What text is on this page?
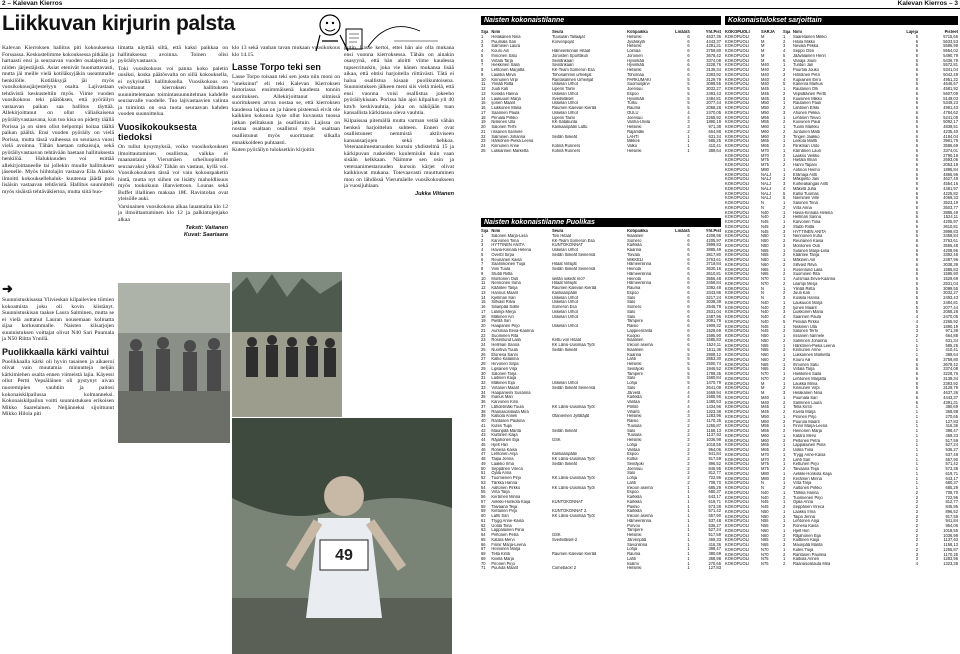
2 – Kalevan Kierros	Kalevan Kierros – 3
Liikkuvan kirjurin palsta

Kalevan Kierroksen hallitus piti kokouksensa Forssassa. Keskustelimme kokouksessa pitkään ja hartaasti ensi ja seuraavan vuoden osalajeista ja niiden järjestäjistä. Asiat etenivät huomattavasti, mutta jäi meille vielä kotiläksyjäkin useammalle henkilölle. Kotiläksyjä jäi myös vuosikokousjärjestelyyn osalta. Lajivastaan tehtävistä keskusteltiin myös. Viime vuoden vuosikokous teki päätöksen, että pyöräilyn vastaavan paikan saa hallitus täyttää. Allekirjoittanut on ollut väliaikaisena pyöräilyvastaavana, kun tuo kisa on pidetty täällä Porissa ja on siten ollut helpompi hoitaa täältä paikan päältä. Ensi vuoden pyöräily on vielä Porissa, mutta tässä vaiheessa on seuraava vuosi vielä avoinna. Tähän haetaan ratkaisuja, sekä pyöräilyvastaavan tehtävään haetaan hallituksesta henkilöä. Halukkuuden voi esittää allekirjoittaneelle tai jollekin muulle hallituksen jäsenelle. Myös hiihtolajin vastaava Eila Alanko ilmoitti kokouksellehaluk- kuutensa jäädä pois lisäisin vastaavan tehtävistä. Hallitus suunnitteli myös sisäistä tehtäväkiertoa, mutta siitä huo-

➜

Suunnistuskisassa Ylivieskan kilpailevien tiimien kokoamista joku oli kovin kiistänyt. Suunnistuskisan taakse Laura Salminen, mutta se ei vielä auttanut Lauran nousemaan kolmatta sijaa korkeammalle. Naisten kilsarjojen suunnistuksen voittajat olivat N40 Sari Puumala ja N50 Riitta Ynnilä.

Puolikkaalla kärki vaihtui

Puolikkaalla kärki oli hyvin tasainen ja aikaeroi olivat vain muutamia minuutteja neljän kärkimiehen osalta ennen viimeistä lajia. Käyessi ollut Pertti Vepsäläinen oli pystynyt aivan nuoremipien vauhtiin ja paitosi kokonaiskilpailussa kolmanneksi. Kokonaiskilpailun voitti suunnistuksen erikoisen Mikko Saarelainen. Neljänneksi sijoittunut Mikko Hilola piti

limatta näyttää siltä, että kaksi paikkaa on hallituksessa avoinna. Toinen olisi pyöräilyvastaava.

Toki vuosikokous voi panna koko paletin uusiksi, koska päätösvalta on sillä kokouksella, ei nykyisellä hallituksella. Vuosikokous on velvoittanut kierroksen hallituksen suunnittelemaan toimintasuunnitelman kahdelle seuraavalle vuodelle. Tuo lajivastaavien valinta ja toiminta on osa tuota seuraavan kahden vuoden suunnittelua.

Vuosikokouksesta tiedoksi

On tullut kysymyksiä, voiko vuosikokouksen ilmoittautumisen osallistua, vaikka ei maanantaina Vierumäen urheiluopistolle seuraavaksi ylöksi? Tähän on vastaus, kyllä voi. Vuosikokouksen tässä voi vain kokouspaketin hintä, mutta nyt siihen on lisätty maholdlisuus myös toukokuun illanviettoon. Lounas sekä Buffet illallinen maksaa 18€. Ravintolan ovat yleisölle auki.

Varsinainen vuosikokous alkaa lauantaina klo 12 ja ilmoittautuminen klo 12 ja palkintojenjako alkaa

Teksti: Vaitanen

Kuvat: Saariaara

klo 13 sekä vanhan tavan mukaan vuosikokous klo 14.15.

Lasse Torpo teki sen

Lasse Torpo toisaan teki sen josta niin moni on "uneksinut" eli teki Kalevan Kierroksen historiassa ensimmäisenä kaudesta tonnin suorituksen. Allekirjoittanut silmissä suoritukseen arvoa nostaa se, että kierroksen kaudessa lajissa on ja hänen pisteensä eivät ole kaikkien kokonsa kyse ollut kuvausta tuossa jatkan pelitakuun ja osallistuin. Lajissa on nostaa osaltaan osallistui myös osaltaan osallistunut myös suorittanut silkalla ennakkoideen puhtaasti.

Kuten pyöräilyn tuloksetkin kirjoitin

joitin, Lasse kertoi, ettei hän aio olla mukana ensi vuonna kierroksessa. Tähän on ainakin osasyynä, että hän aloitti viime kaudessa tupsecrituskin, joka vie hänen mukansa lisää aikaa, että ehtisi harjoitella riittävästi. Tätä ei halua osallistua kisaan puolikuntoisena. Suunnistuksen jälkeen meni siis vielä mielä, että ensi vuonna voisi osallistua jokeeho pyöräilykisaan. Porissa hän ajoi kilpailun yli 40 km/h keskivauhtia, joka on näköjään tuan kansallista kärkitasoa oleva vauhtia.

Kilpaissaa pitemällä mutta varman vetää vähän henkeä harjoittelun suhteen. Ennen ovat osallistuneet nemmistä aktiiviseen kansansarjojen sekä hehkoa. Veteraanimestaruuden kurssin yhdistelmä 15 ja kärkipuvan ruskeiden kuulemisiin kuin vaan sisään kelkkaan. Näimme sen osin ja veteraanimestaruuden kurssin kärjet olivat kaikkiuvat mukana. Totevaavasti muuttuminen mon on lähdössä Vierumäelle vuosikokoukseen ja vuosijuhlaan.

Jukka Viitanen

49
Naisten kokonaistilanne
Sija	Nimi	Seura	Kotipaikka	Lmäärä	Yht.Pist
1	Helakanen Nina	Tuusulan Tallaajat	Helsinki	6	4637,36
2	Puumala Sari	Korvenpojat	Jyväskylä	6	4443,37
3	Salminen Laura		Helsinki	6	4391,31
4	Kouru Aili	Hämeenlinnan Hitaat	Loimaa	6	3759,80
5	Ihmonen Satu	Joroisten Sporttikuli	Joroinen	6	3678,42
6	Virtala Tarja	Seinänkaari	Hyvinkää	6	3374,08
7	Hiekkinen Saila	Seinänkaari	Hyvinkää	6	3228,76
8	Lehtonen Marjatta	KK-Team Someron Esa	Helsinki	6	3139,34
9	Laukka Mirva	Tohosammin urheilijat	Tohomaa	6	2383,92
10	Kinnunen Virpi	Rantasalmen Urheilijat	PARKUMÄKI	5	3129,79
11	Ylinää Riitta	Uskelan Urhot	Suomusjärvi	5	3099,55
12	Juuti Kati	Liperin Taimi	Joensuu	5	3032,27
13	Koskila Hanna	Uskelan Urhot	Espoo	5	2493,43
14	Laukuuon Marja	Sveitsiläiset	Hyvinkää	5	2484,81
15	Ijonen Maarit	Uskelan Urhot	Turku	5	2077,44
16	Liukkonen Maria	Raumen Kalevan Kierää	Rauma	5	2068,28
17	Saarinen Paula	Uskelan Urhot	OULU	4	2470,05
18	Peniala Pirkko	Liperin Taimi	Joensuu	4	2265,92
19	Niskinen Ulla	KK-Satakunta	Vanha-Ulvila	3	1890,19
20	Salonen Terhi	Kankaanpään Lattu	Helsinki	3	971,38
21	rissanen hannele		Rajamäki	2	664,88
22	Salminen Johanna	Seitän Siikeät	LAHTI	1	631,34
23	Härkönen-Pieka Leena		Mikkeli	1	585,25
24	Kinnunen Anne	Kotinä Runners	Valko	1	410,41
25	Lukkarinen Marketta	Kotinä Runners	Helsinki	1	389,64
Naisten kokonaistilanne Puolikas
Sija	Nimi	Seura	Kotipaikka	Lmäärä	Yht.Pist
1	Salonen Marja-Liisa	Tosi Hitaat	Ikaalinen	6	4208,96
2	Karvonen Tiina	KK-Team Someron Esa	Somero	6	4205,97
3	HYTTINEN ANITA	KUNTOKONNAT	Karkkila	6	3999,83
4	Havia-Kinnala Helena	Uskelan Urhot	Kaarina	6	3885,49
5	Överbl Sirpa	Seitän Siikeät Seinensä	Toivala	6	3817,80
6	Reunanen Kaisa		MIKKELI	6	3763,61
7	Saarinkoinen Tuija	Hitaat Viitsijät	Hämeenlinna	6	3719,84
8	Viini Tuula	Seitän Siikeät Seinensä	Heinola	6	3630,16
9	Stubb Riitta		Hämeenlinna	6	3610,81
10	Montonen Outi	seitän siikeät nro?	Heinola	6	3556,48
11	Nennonen Iruha	Hitaat Viitsijät	Hämeenlinna	6	3458,84
12	Kääntee Tanja	Raumen Kalevan Kierää	Rauma	6	3392,48
13	Hannus Maarit	Kankaanpään	Espoo	6	3343,86
14	Kjellman Sari	Uskelan Urhot	Salo	6	3217,24
15	Silfvast Ritva	Uskelan Urhot	Salo	6	3038,39
16	Silianpää Sollle	Someron Esa	Somero	6	2546,78
17	Lilampi Merja	Uskelan Urhot	Salo	6	2531,04
18	Mäkinen Airi	Uskelan Urhot	Salo	6	2487,96
19	Pietilä Siiri		Tampere	6	2091,79
20	Haapanen Pirjo	Uskelan Urhot	Raisio	6	1909,32
21	Aursmaa Eeva-Kaarina		Lappeenranta	6	1529,69
22	Suominen Rita		Kuopio	6	1595,90
23	Rosenlund Laila	Kettu von Hitaat	Ikaalinen	6	1585,83
24	Hellman Sanna	KK Länsi-Uusimaa Työt	Inkoon asema	6	1524,11
25	Nuortiva Tuula	Seitän Siikeät	Ikaalinen	5	1511,36
26	Elonesa Sanni		Kaarina	5	2908,12
27	Kallio Katariina		Lahti	5	2853,30
28	Hirvonen Sirpa		Helsinki	5	2500,74
29	Lipsanen Virpi		Seinäjoki	5	1946,52
30	Salonen Tarja		Tampere	5	1789,35
31	Laitinen Kaija		Salo	5	1580,84
32	Mäkinen Eija	Uskelan Urhot	Lohja	5	1470,79
33	Virtanen Maarit	Seitän Siikeät Seinensä	Salo	4	2641,09
34	Haapaniemi Susanna		Järvelä	4	1669,94
35	Ihanus Mari		Karkkila	4	1585,96
36	Karvonen Kirsi		Vantaa	4	1480,53
37	Lähdetmäki Tuula	KK Länsi-Uusimaa Työt	Pöllöö	4	1434,96
38	Raanasosilauta Mira		Vihanti	4	1323,38
39	Kaltiola Anneli	Otaniemen Jyllätäjät	Helsinki	3	1283,96
40	Rantasen Pauliina		Raisio	3	1170,25
41	Kutes Tuija		Tuusula	2	1255,87
42	Maunpää Marita	Seitän Siikeät	Salo	2	1158,13
43	Kuittinen Kaija		Tuusula	2	1137,63
44	Räjahonen Eija	GSK	Helsinki	2	1036,98
45	Hjelt Hiiri		Lohja	2	1018,55
46	Ronesa Kaisa		Vantaa	2	954,06
47	Lehtonen Anja	Kankaanpään	Espoo	2	941,84
48	Taipa Jenna	KK Länsi-Uusimaa Työt	Kotka	2	917,59
49	Laakko Irma	Seitän Siikeät	Seinäjoki	2	896,52
50	Seppänen Vireca		Joensuu	2	845,95
51	Ojala Anna		Salo	2	812,77
52	Tuomienen Pirjo	KK Länsi-Uusimaa Työt	Lohja	2	722,96
53	Tärkka Hanna		Lahti	2	708,70
54	Aaltonen Pirkko	KK Länsi-Uusimaa Työt	Inkoon asema	1	685,29
55	Virta Tarja		Espoo	1	680,37
56	Kerämen Minna		Karkkila	1	643,17
57	Aekkki-Honkola Kaija	KUNTOKONNAT	Karkkila	1	619,71
58	Taivaana Teija		Paimio	1	573,38
59	Kettunen Pirjo	KUNTOKONNAT 2.	Karkkila	1	571,42
60	Lahti Sari	KK Länsi-Uusimaa Työt	Inkoon asema	1	557,90
61	Trygg Anne-Kaisa		Hämeenlinna	1	537,48
62	Uotila Tiina		Porvoo	1	536,27
63	Lappalainen Piina		Tampere	1	527,24
64	Peltonen Petra	GSK	Helsinki	1	517,59
65	Katara Mervi	Sveitsiläiset-2	Järvenpää	1	469,33
66	Finnir Marja-Leena		Savonlinna	1	416,36
67	Heinonen Marja		Lohja	1	398,47
68	Tella Kirsti	Raumen Kalevan Kierää	Rauma	1	380,69
69	Kivela Marja		Lahti	1	368,98
70	Pironen Pirjo		Iisalmi	1	270,65
71	Puurula Maarit	Comeback! 2	Helsinki	1	127,83
Kokonaistulokset sarjoittain
KOKOPUOLI	SARJA	Sija	Nimi	Lajeja	Pisteet
KOKOPUOLI	M	1	Saarelainen Mikko	6	5715,66
KOKOPUOLI	M	2	Hilola Mikko	6	5633,53
KOKOPUOLI	M	3	Nevala Pekka	6	5586,98
KOKOPUOLI	M	4	Seppo Ossi	6	5554,02
KOKOPUOLI	M	5	Jäävalainen Henri	6	5490,79
KOKOPUOLI	M	6	Vanaja Jouni	6	5436,79
KOKOPUOLI	M40	1	Tunturi Jari	6	5572,81
KOKOPUOLI	M40	2	Puurtila Jouko	6	5341,04
KOKOPUOLI	M40	3	Hilmänen Petri	6	5042,49
KOKOPUOLI	M40	4	Kupiainen Eero	6	4951,32
KOKOPUOLI	M40	5	Kanerva Markus	6	4646,67
KOKOPUOLI	M45	1	Rautanen Olli	6	4581,92
KOKOPUOLI	M45	2	Vepsäläinen Pertti	6	5607,09
KOKOPUOLI	M45	3	Kuusinen Mikko	6	5149,03
KOKOPUOLI	M50	1	Rautanen Pauli	6	5349,23
KOKOPUOLI	M50	2	Lahtinen Erkki	6	4981,43
KOKOPUOLI	M50	3	Ahonen Pekka	6	4784,62
KOKOPUOLI	M55	1	Lehtinen Teuvo	6	5241,09
KOKOPUOLI	M55	2	Koivunen Pauli	6	5092,17
KOKOPUOLI	M60	1	Tuomi Markku	6	4839,51
KOKOPUOLI	M60	2	Juntunen Matti	6	4235,40
KOKOPUOLI	M60	3	Tingen Jaakko	6	4184,04
KOKOPUOLI	M65	1	Leikola Martti	6	3981,79
KOKOPUOLI	M65	2	Flinkman Unto	6	3586,69
KOKOPUOLI	M70	1	Kärnänen Lauri	6	3374,01
KOKOPUOLI	M70	2	Laakso Veikko	6	2790,19
KOKOPUOLI	M75	1	Hietala Ilmari	6	2693,06
KOKOPUOLI	M75	2	Hanni Tapani	6	2063,19
KOKOPUOLI	M80	1	Antinon Heimo	6	1895,84
KOKOPUOLI	NALJ	1	Erämaja Antti	6	4865,96
KOKOPUOLI	NALJ	2	Mäkipelto Jani	6	4627,49
KOKOPUOLI	NALJ	3	Korkeakangas Antti	6	4554,16
KOKOPUOLI	NALJ	4	Mäkelä Juha	6	4481,97
KOKOPUOLI	NALJ	5	Kallio Tuomas	6	4225,82
KOKOPUOLI	NALJ	6	Nieminen Ville	6	4069,33
KOKOPUOLI	N	1	Salonen Tiina	6	3523,19
KOKOPUOLI	N	2	Virta Anna	6	3503,77
KOKOPUOLI	N40	1	Havia-Kinnala Helena	6	3885,49
KOKOPUOLI	N40	2	Hellman Sanna	6	1524,11
KOKOPUOLI	N45	1	Karvonen Tiina	6	4205,97
KOKOPUOLI	N45	2	Stubb Riitta	6	3610,81
KOKOPUOLI	N45	3	HYTTINEN ANITA	6	3999,83
KOKOPUOLI	N50	1	Nennonen Iruha	6	3458,84
KOKOPUOLI	N50	2	Reunanen Kaisa	6	3763,61
KOKOPUOLI	N50	3	Montonen Outi	6	3556,48
KOKOPUOLI	N55	1	Sulanen Marja-Liisa	6	4208,96
KOKOPUOLI	N55	2	Kääntee Tanja	6	3392,48
KOKOPUOLI	N60	1	Mäkinen Airi	6	2487,96
KOKOPUOLI	N60	2	Silfvast Ritva	6	3038,39
KOKOPUOLI	N65	1	Rosenlund Laila	6	1585,83
KOKOPUOLI	N65	2	Suominen Rita	6	1595,90
KOKOPUOLI	N70	1	Aursmaa Eeva-Kaarina	6	1529,69
KOKOPUOLI	N70	2	Lilampi Merja	6	2531,04
KOKOPUOLI	N	1	Ylinää Riitta	5	3099,55
KOKOPUOLI	N	2	Juuti Kati	5	3032,27
KOKOPUOLI	N	3	Koskila Hanna	5	2493,43
KOKOPUOLI	N40	1	Laukuuon Marja	5	2484,81
KOKOPUOLI	N40	2	Ijonen Maarit	5	2077,44
KOKOPUOLI	N40	3	Liukkonen Maria	5	2068,28
KOKOPUOLI	N40	4	Saarinen Paula	4	2470,05
KOKOPUOLI	N40	5	Peniala Pirkko	4	2265,92
KOKOPUOLI	N45	1	Niskinen Ulla	3	1890,19
KOKOPUOLI	N45	2	Salonen Terhi	3	971,38
KOKOPUOLI	N50	1	rissanen hannele	2	664,88
KOKOPUOLI	N50	2	Salminen Johanna	1	631,34
KOKOPUOLI	N55	1	Härkönen-Pieka Leena	1	585,25
KOKOPUOLI	N55	2	Kinnunen Anne	1	410,41
KOKOPUOLI	N60	1	Lukkarinen Marketta	1	389,64
KOKOPUOLI	N60	2	Kouru Aili	6	3759,80
KOKOPUOLI	N65	1	Ihmonen Satu	6	3678,42
KOKOPUOLI	N65	2	Virtala Tarja	6	3374,08
KOKOPUOLI	N70	1	Hiekkinen Saila	6	3228,76
KOKOPUOLI	N70	2	Lehtonen Marjatta	6	3139,34
KOKOPUOLI	M	1	Laukka Mirva	6	2383,92
KOKOPUOLI	M	2	Kinnunen Virpi	5	3129,79
KOKOPUOLI	M	3	Helakanen Nina	6	4637,36
KOKOPUOLI	M40	1	Puumala Sari	6	4443,37
KOKOPUOLI	M40	2	Salminen Laura	6	4391,31
KOKOPUOLI	M45	1	Tella Kirsti	1	380,69
KOKOPUOLI	M45	2	Kivela Marja	1	368,98
KOKOPUOLI	M50	1	Pironen Pirjo	1	270,65
KOKOPUOLI	M50	2	Puurula Maarit	1	127,83
KOKOPUOLI	M55	1	Finnir Marja-Leena	1	416,36
KOKOPUOLI	M55	2	Heinonen Marja	1	398,47
KOKOPUOLI	M60	1	Katara Mervi	1	469,33
KOKOPUOLI	M60	2	Peltonen Petra	1	517,59
KOKOPUOLI	M65	1	Lappalainen Piina	1	527,24
KOKOPUOLI	M65	2	Uotila Tiina	1	536,27
KOKOPUOLI	M70	1	Trygg Anne-Kaisa	1	537,48
KOKOPUOLI	M70	2	Lahti Sari	1	557,90
KOKOPUOLI	M75	1	Kettunen Pirjo	1	571,42
KOKOPUOLI	M75	2	Taivaana Teija	1	573,38
KOKOPUOLI	M80	1	Aekkki-Honkola Kaija	1	619,71
KOKOPUOLI	M80	2	Kerämen Minna	1	643,17
KOKOPUOLI	N	1	Virta Tarja	1	680,37
KOKOPUOLI	N	2	Aaltonen Pirkko	1	685,29
KOKOPUOLI	N40	1	Tärkka Hanna	2	708,70
KOKOPUOLI	N40	2	Tuomienen Pirjo	2	722,96
KOKOPUOLI	N45	1	Ojala Anna	2	812,77
KOKOPUOLI	N45	2	Seppänen Vireca	2	845,95
KOKOPUOLI	N50	1	Laakko Irma	2	896,52
KOKOPUOLI	N50	2	Taipa Jenna	2	917,59
KOKOPUOLI	N55	1	Lehtonen Anja	2	941,84
KOKOPUOLI	N55	2	Ronesa Kaisa	2	954,06
KOKOPUOLI	N60	1	Hjelt Hiiri	2	1018,55
KOKOPUOLI	N60	2	Räjahonen Eija	2	1036,98
KOKOPUOLI	N65	1	Kuittinen Kaija	2	1137,63
KOKOPUOLI	N65	2	Maunpää Marita	2	1158,13
KOKOPUOLI	N70	1	Kutes Tuija	2	1255,87
KOKOPUOLI	N70	2	Rantasen Pauliina	3	1170,25
KOKOPUOLI	N75	1	Kaltiola Anneli	3	1283,96
KOKOPUOLI	N75	2	Raanasosilauta Mira	4	1323,38
